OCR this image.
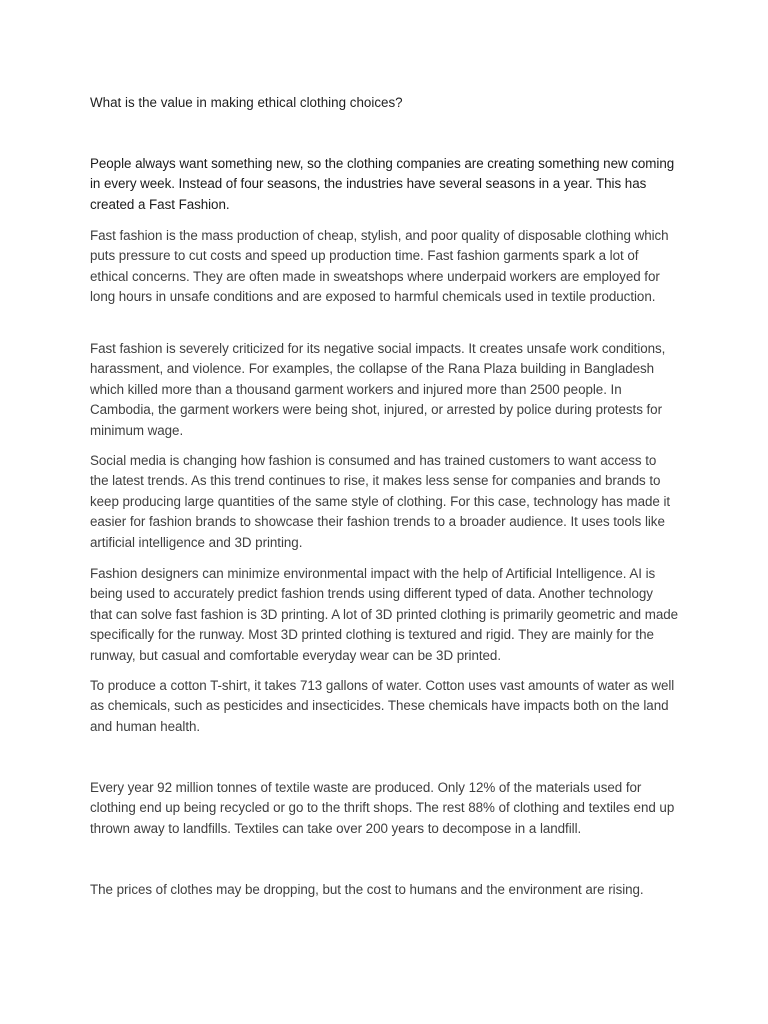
What is the value in making ethical clothing choices?

People always want something new, so the clothing companies are creating something new coming in every week. Instead of four seasons, the industries have several seasons in a year. This has created a Fast Fashion.

Fast fashion is the mass production of cheap, stylish, and poor quality of disposable clothing which puts pressure to cut costs and speed up production time. Fast fashion garments spark a lot of ethical concerns. They are often made in sweatshops where underpaid workers are employed for long hours in unsafe conditions and are exposed to harmful chemicals used in textile production.

Fast fashion is severely criticized for its negative social impacts. It creates unsafe work conditions, harassment, and violence. For examples, the collapse of the Rana Plaza building in Bangladesh which killed more than a thousand garment workers and injured more than 2500 people. In Cambodia, the garment workers were being shot, injured, or arrested by police during protests for minimum wage.

Social media is changing how fashion is consumed and has trained customers to want access to the latest trends. As this trend continues to rise, it makes less sense for companies and brands to keep producing large quantities of the same style of clothing. For this case, technology has made it easier for fashion brands to showcase their fashion trends to a broader audience. It uses tools like artificial intelligence and 3D printing.

Fashion designers can minimize environmental impact with the help of Artificial Intelligence. AI is being used to accurately predict fashion trends using different typed of data. Another technology that can solve fast fashion is 3D printing. A lot of 3D printed clothing is primarily geometric and made specifically for the runway. Most 3D printed clothing is textured and rigid. They are mainly for the runway, but casual and comfortable everyday wear can be 3D printed.

To produce a cotton T-shirt, it takes 713 gallons of water. Cotton uses vast amounts of water as well as chemicals, such as pesticides and insecticides. These chemicals have impacts both on the land and human health.

Every year 92 million tonnes of textile waste are produced. Only 12% of the materials used for clothing end up being recycled or go to the thrift shops. The rest 88% of clothing and textiles end up thrown away to landfills. Textiles can take over 200 years to decompose in a landfill.

The prices of clothes may be dropping, but the cost to humans and the environment are rising.
